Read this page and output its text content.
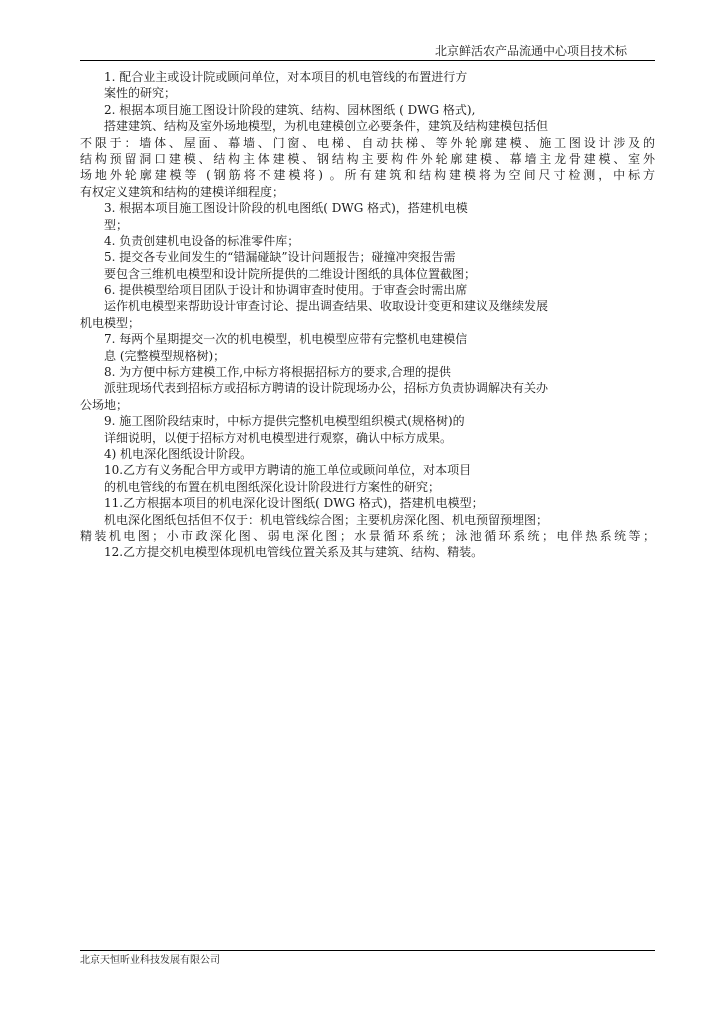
北京鲜活农产品流通中心项目技术标
1. 配合业主或设计院或顾问单位，对本项目的机电管线的布置进行方
案性的研究；
2. 根据本项目施工图设计阶段的建筑、结构、园林图纸 ( DWG 格式),
搭建建筑、结构及室外场地模型，为机电建模创立必要条件，建筑及结构建模包括但
不限于：墙体、屋面、幕墙、门窗、电梯、自动扶梯、等外轮廓建模、施工图设计涉及的
结构预留洞口建模、结构主体建模、钢结构主要构件外轮廓建模、幕墙主龙骨建模、室外
场地外轮廓建模等 (钢筋将不建模将) 。所有建筑和结构建模将为空间尺寸检测，中标方
有权定义建筑和结构的建模详细程度；
3. 根据本项目施工图设计阶段的机电图纸( DWG 格式)，搭建机电模
型；
4. 负责创建机电设备的标准零件库；
5. 提交各专业间发生的“错漏碰缺”设计问题报告；碰撞冲突报告需
要包含三维机电模型和设计院所提供的二维设计图纸的具体位置截图；
6. 提供模型给项目团队于设计和协调审查时使用。于审查会时需出席
运作机电模型来帮助设计审查讨论、提出调查结果、收取设计变更和建议及继续发展
机电模型；
7. 每两个星期提交一次的机电模型，机电模型应带有完整机电建模信
息 (完整模型规格树)；
8. 为方便中标方建模工作,中标方将根据招标方的要求,合理的提供
派驻现场代表到招标方或招标方聘请的设计院现场办公，招标方负责协调解决有关办
公场地；
9. 施工图阶段结束时，中标方提供完整机电模型组织模式(规格树)的
详细说明，以便于招标方对机电模型进行观察，确认中标方成果。
4) 机电深化图纸设计阶段。
10.乙方有义务配合甲方或甲方聘请的施工单位或顾问单位，对本项目
的机电管线的布置在机电图纸深化设计阶段进行方案性的研究；
11.乙方根据本项目的机电深化设计图纸( DWG 格式)，搭建机电模型；
机电深化图纸包括但不仅于：机电管线综合图；主要机房深化图、机电预留预埋图；
精装机电图；小市政深化图、弱电深化图；水景循环系统；泳池循环系统；电伴热系统等；
12.乙方提交机电模型体现机电管线位置关系及其与建筑、结构、精装。
北京天恒昕业科技发展有限公司
